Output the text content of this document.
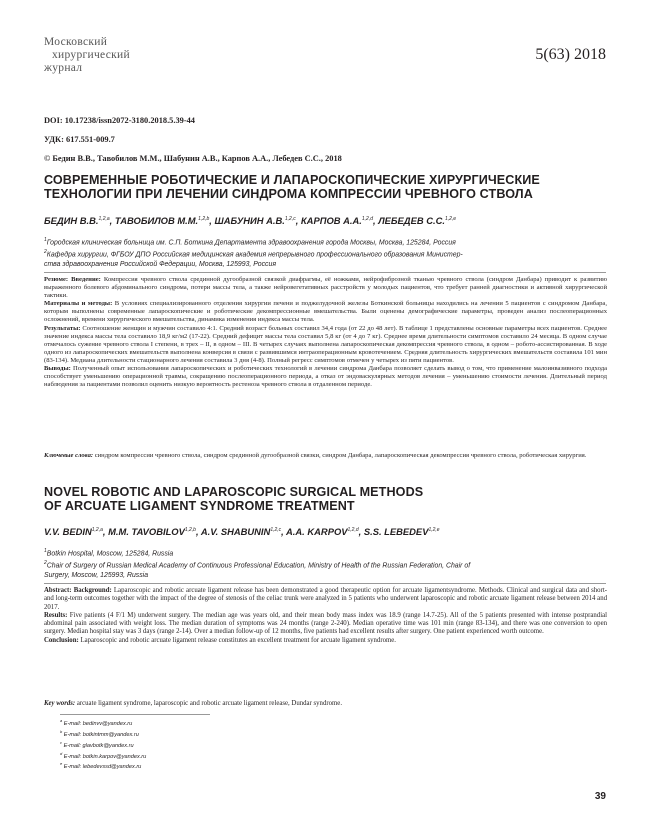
Московский
хирургический
журнал
5(63) 2018
DOI: 10.17238/issn2072-3180.2018.5.39-44
УДК: 617.551-009.7
© Бедин В.В., Тавобилов М.М., Шабунин А.В., Карпов А.А., Лебедев С.С., 2018
СОВРЕМЕННЫЕ РОБОТИЧЕСКИЕ И ЛАПАРОСКОПИЧЕСКИЕ ХИРУРГИЧЕСКИЕ
ТЕХНОЛОГИИ ПРИ ЛЕЧЕНИИ СИНДРОМА КОМПРЕССИИ ЧРЕВНОГО СТВОЛА
БЕДИН В.В.$^{1,2,a}$, ТАВОБИЛОВ М.М.$^{1,2,b}$, ШАБУНИН А.В.$^{1,2,c}$, КАРПОВ А.А.$^{1,2,d}$, ЛЕБЕДЕВ С.С.$^{1,2,e}$
$^1$Городская клиническая больница им. С.П. Боткина Департамента здравоохранения города Москвы, Москва, 125284, Россия
$^2$Кафедра хирургии, ФГБОУ ДПО Российская медицинская академия непрерывного профессионального образования Министер-
ства здравоохранения Российской Федерации, Москва, 125993, Россия

Резюме: Введение: Компрессия чревного ствола срединной дугообразной связкой диафрагмы, её ножками, нейрофиброзной тканью чревного ствола (синдром Данбара) приводит к развитию выраженного болевого абдоминального синдрома, потери массы тела, а также нейровегетативных расстройств у молодых пациентов, что требует ранней диагностики и активной хирургической тактики.

Материалы и методы: В условиях специализированного отделения хирургии печени и поджелудочной железы Боткинской больницы находились на лечении 5 пациентов с синдромом Данбара, которым выполнены современные лапароскопические и роботические декомпрессионные вмешательства. Были оценены демографические параметры, проведен анализ послеоперационных осложнений, времени хирургического вмешательства, динамика изменения индекса массы тела.

Результаты: Соотношение женщин и мужчин составило 4:1. Средний возраст больных составил 34,4 года (от 22 до 48 лет). В таблице 1 представлены основные параметры всех пациентов. Среднее значение индекса массы тела составило 18,9 кг/м2 (17-22). Средний дефицит массы тела составил 5,8 кг (от 4 до 7 кг). Среднее время длительности симптомов составило 24 месяца. В одном случае отмечалось сужение чревного ствола I степени, в трех – II, в одном – III. В четырех случаях выполнена лапароскопическая декомпрессия чревного ствола, в одном – робото-ассистированная. В ходе одного из лапароскопических вмешательств выполнена конверсия в связи с развившимся интраоперационным кровотечением. Средняя длительность хирургических вмешательств составила 101 мин (83-134). Медиана длительности стационарного лечения составила 3 дня (4-8). Полный регресс симптомов отмечен у четырех из пяти пациентов.

Выводы: Полученный опыт использования лапароскопических и роботических технологий в лечении синдрома Данбара позволяет сделать вывод о том, что применение малоинвазивного подхода способствует уменьшению операционной травмы, сокращению послеоперационного периода, а отказ от эндоваскулярных методов лечения – уменьшению стоимости лечения. Длительный период наблюдения за пациентами позволил оценить низкую вероятность рестеноза чревного ствола в отдаленном периоде.

Ключевые слова: синдром компрессии чревного ствола, синдром срединной дугообразной связки, синдром Данбара, лапароскопическая декомпрессия чревного ствола, роботическая хирургия.
NOVEL ROBOTIC AND LAPAROSCOPIC SURGICAL METHODS
OF ARCUATE LIGAMENT SYNDROME TREATMENT
V.V. BEDIN$^{1,2,a}$, M.M. TAVOBILOV$^{1,2,b}$, A.V. SHABUNIN$^{1,2,c}$, A.A. KARPOV$^{1,2,d}$, S.S. LEBEDEV$^{1,2,e}$
$^1$Botkin Hospital, Moscow, 125284, Russia
$^2$Chair of Surgery of Russian Medical Academy of Continuous Professional Education, Ministry of Health of the Russian Federation, Chair of
Surgery, Moscow, 125993, Russia

Abstract: Background: Laparoscopic and robotic arcuate ligament release has been demonstrated a good therapeutic option for arcuate ligamentsyndrome. Methods. Clinical and surgical data and short- and long-term outcomes together with the impact of the degree of stenosis of the celiac trunk were analyzed in 5 patients who underwent laparoscopic and robotic arcuate ligament release between 2014 and 2017.

Results: Five patients (4 F/1 M) underwent surgery. The median age was years old, and their mean body mass index was 18.9 (range 14.7-25). All of the 5 patients presented with intense postprandial abdominal pain associated with weight loss. The median duration of symptoms was 24 months (range 2-240). Median operative time was 101 min (range 83-134), and there was one conversion to open surgery. Median hospital stay was 3 days (range 2-14). Over a median follow-up of 12 months, five patients had excellent results after surgery. One patient experienced worth outcome.

Conclusion: Laparoscopic and robotic arcuate ligament release constitutes an excellent treatment for arcuate ligament syndrome.

Key words: arcuate ligament syndrome, laparoscopic and robotic arcuate ligament release, Dundar syndrome.
$^a$ E-mail: bedinvv@yandex.ru
$^b$ E-mail: botkintmm@yandex.ru
$^c$ E-mail: glavbotk@yandex.ru
$^d$ E-mail: botkin.karpov@yandex.ru
$^e$ E-mail: lebedevssd@yandex.ru
39
